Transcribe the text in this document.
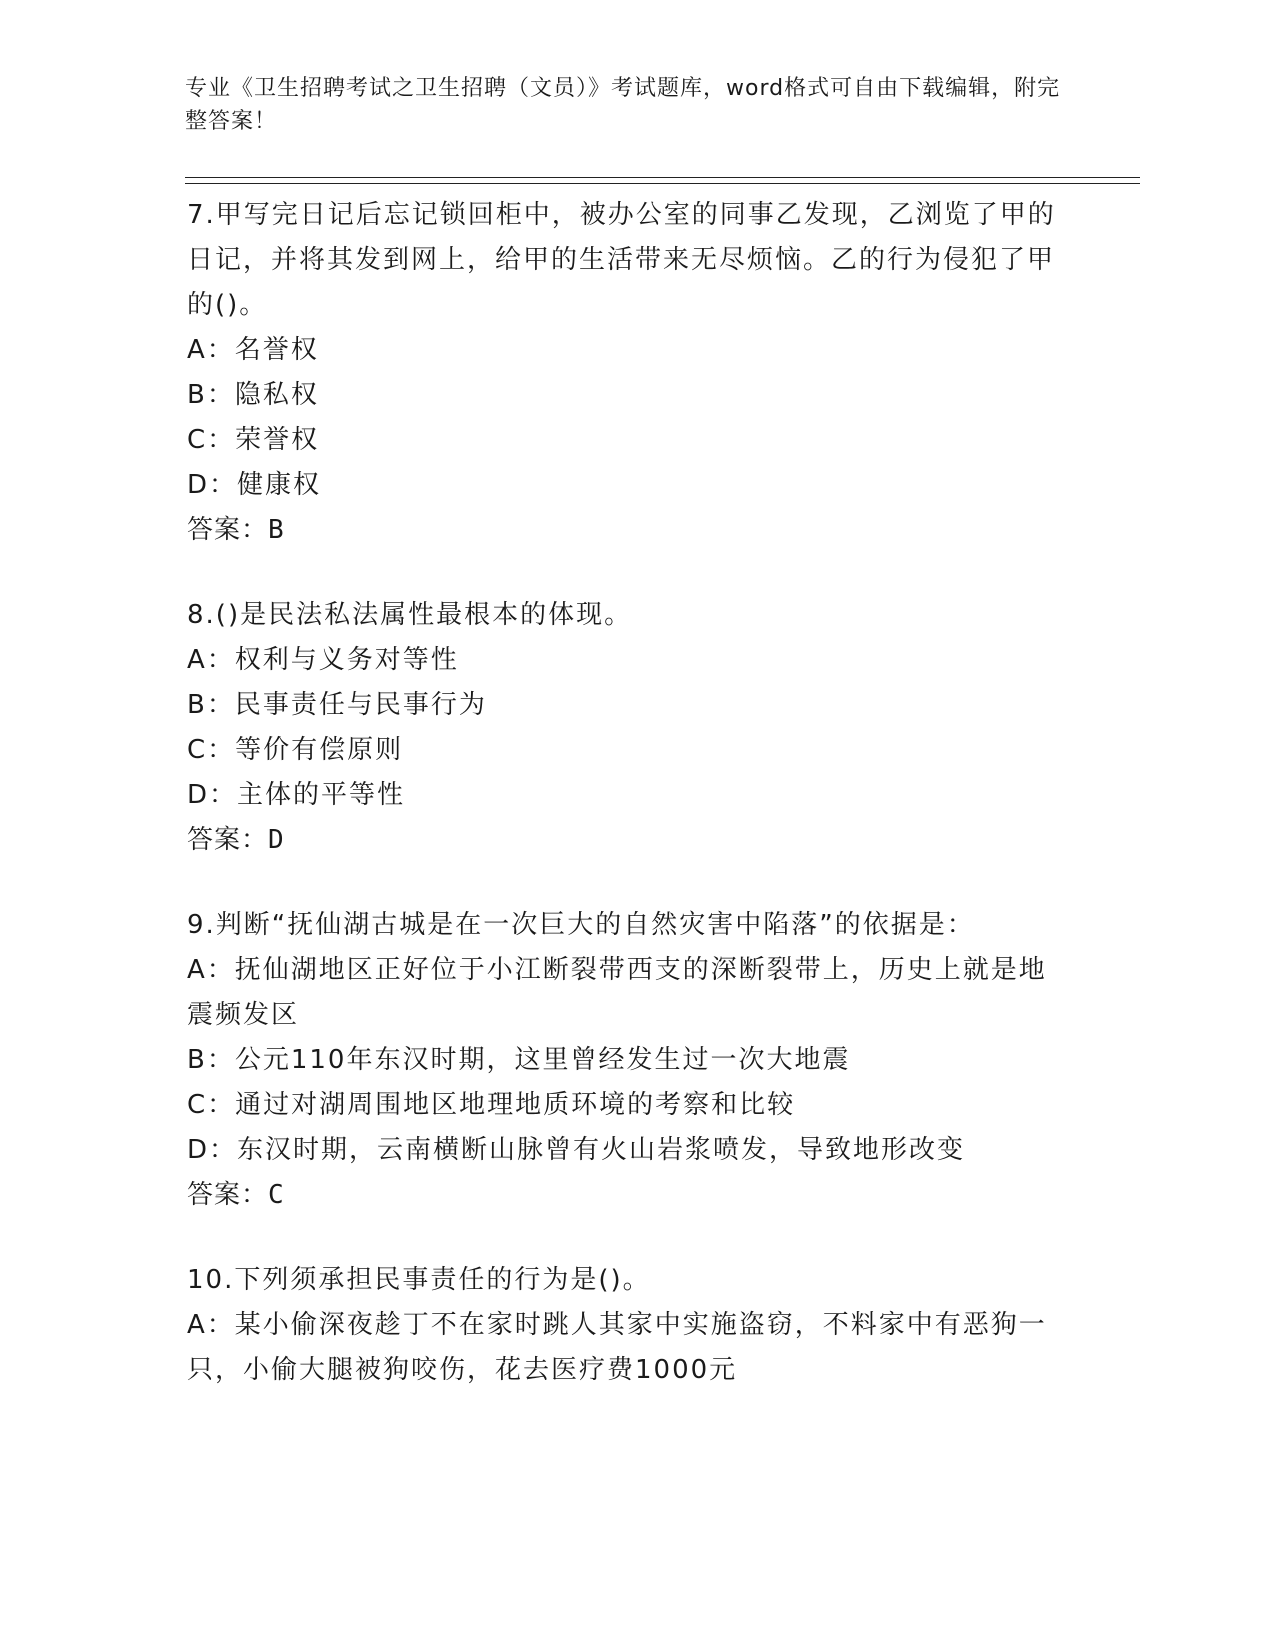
专业《卫生招聘考试之卫生招聘（文员）》考试题库，word格式可自由下载编辑，附完整答案！
7.甲写完日记后忘记锁回柜中，被办公室的同事乙发现，乙浏览了甲的日记，并将其发到网上，给甲的生活带来无尽烦恼。乙的行为侵犯了甲的()。
A：名誉权
B：隐私权
C：荣誉权
D：健康权
答案：B
8.()是民法私法属性最根本的体现。
A：权利与义务对等性
B：民事责任与民事行为
C：等价有偿原则
D：主体的平等性
答案：D
9.判断“抚仙湖古城是在一次巨大的自然灾害中陷落”的依据是：
A：抚仙湖地区正好位于小江断裂带西支的深断裂带上，历史上就是地震频发区
B：公元110年东汉时期，这里曾经发生过一次大地震
C：通过对湖周围地区地理地质环境的考察和比较
D：东汉时期，云南横断山脉曾有火山岩浆喷发，导致地形改变
答案：C
10.下列须承担民事责任的行为是()。
A：某小偷深夜趁丁不在家时跳人其家中实施盗窃，不料家中有恶狗一只，小偷大腿被狗咬伤，花去医疗费1000元
